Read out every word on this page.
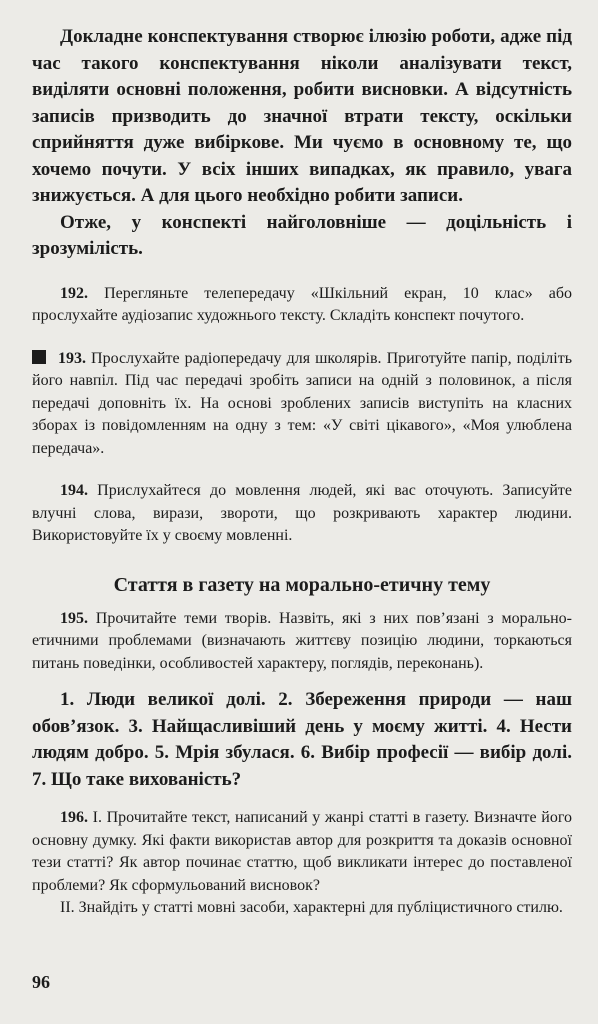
Докладне конспектування створює ілюзію роботи, адже під час такого конспектування ніколи аналізувати текст, виділяти основні положення, робити висновки. А відсутність записів призводить до значної втрати тексту, оскільки сприйняття дуже вибіркове. Ми чуємо в основному те, що хочемо почути. У всіх інших випадках, як правило, увага знижується. А для цього необхідно робити записи.

Отже, у конспекті найголовніше — доцільність і зрозумілість.

192. Перегляньте телепередачу «Шкільний екран, 10 клас» або прослухайте аудіозапис художнього тексту. Складіть конспект почутого.

193. Прослухайте радіопередачу для школярів. Приготуйте папір, поділіть його навпіл. Під час передачі зробіть записи на одній з половинок, а після передачі доповніть їх. На основі зроблених записів виступіть на класних зборах із повідомленням на одну з тем: «У світі цікавого», «Моя улюблена передача».

194. Прислухайтеся до мовлення людей, які вас оточують. Записуйте влучні слова, вирази, звороти, що розкривають характер людини. Використовуйте їх у своєму мовленні.

Стаття в газету на морально-етичну тему

195. Прочитайте теми творів. Назвіть, які з них пов’язані з морально-етичними проблемами (визначають життєву позицію людини, торкаються питань поведінки, особливостей характеру, поглядів, переконань).

1. Люди великої долі. 2. Збереження природи — наш обов’язок. 3. Найщасливіший день у моєму житті. 4. Нести людям добро. 5. Мрія збулася. 6. Вибір професії — вибір долі. 7. Що таке вихованість?

196. І. Прочитайте текст, написаний у жанрі статті в газету. Визначте його основну думку. Які факти використав автор для розкриття та доказів основної тези статті? Як автор починає статтю, щоб викликати інтерес до поставленої проблеми? Як сформульований висновок?

ІІ. Знайдіть у статті мовні засоби, характерні для публіцистичного стилю.

96
